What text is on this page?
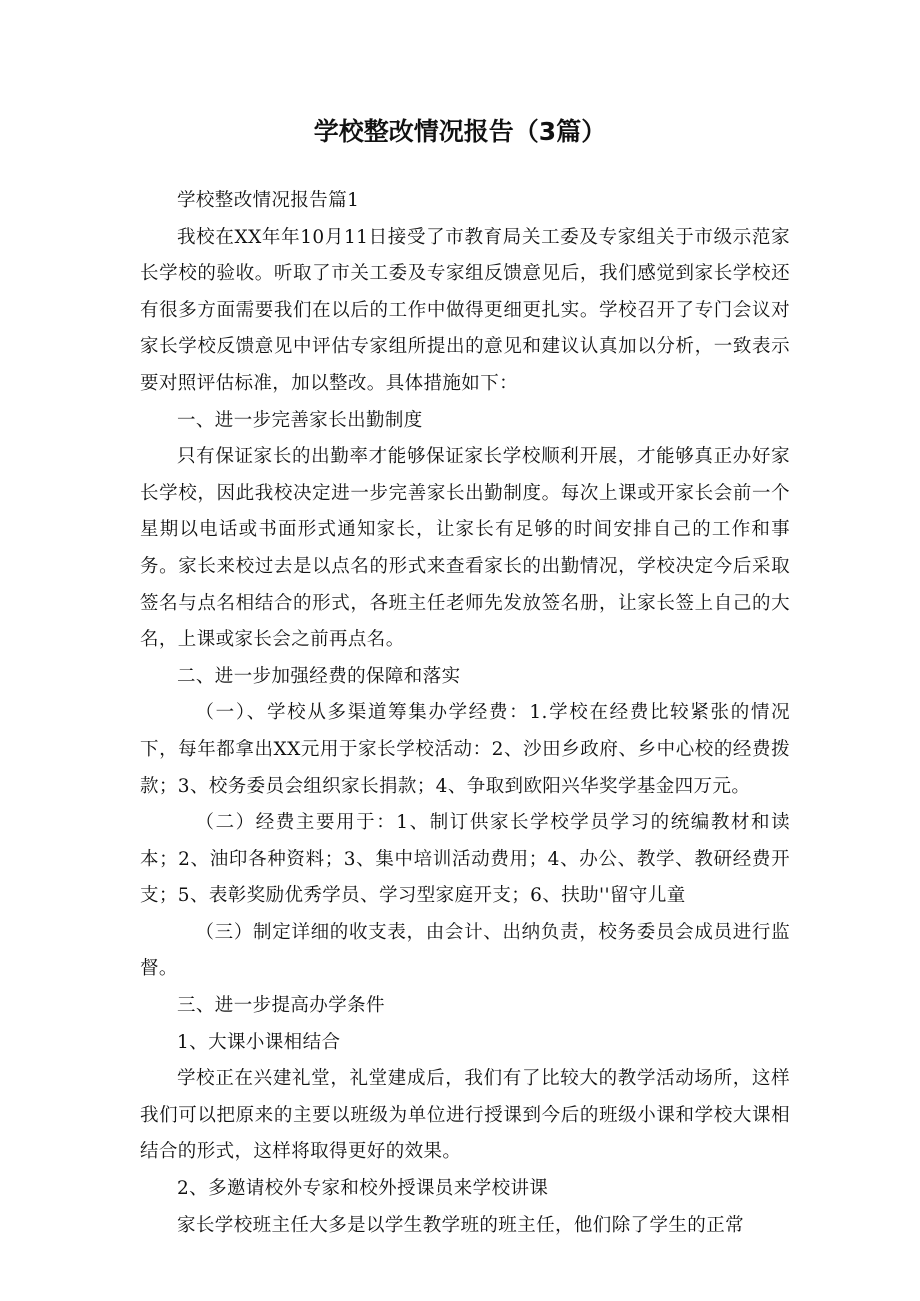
学校整改情况报告（3篇）

学校整改情况报告篇1

我校在XX年年10月11日接受了市教育局关工委及专家组关于市级示范家长学校的验收。听取了市关工委及专家组反馈意见后，我们感觉到家长学校还有很多方面需要我们在以后的工作中做得更细更扎实。学校召开了专门会议对家长学校反馈意见中评估专家组所提出的意见和建议认真加以分析，一致表示要对照评估标准，加以整改。具体措施如下：

一、进一步完善家长出勤制度

只有保证家长的出勤率才能够保证家长学校顺利开展，才能够真正办好家长学校，因此我校决定进一步完善家长出勤制度。每次上课或开家长会前一个星期以电话或书面形式通知家长，让家长有足够的时间安排自己的工作和事务。家长来校过去是以点名的形式来查看家长的出勤情况，学校决定今后采取签名与点名相结合的形式，各班主任老师先发放签名册，让家长签上自己的大名，上课或家长会之前再点名。

二、进一步加强经费的保障和落实

（一）、学校从多渠道筹集办学经费：1.学校在经费比较紧张的情况下，每年都拿出XX元用于家长学校活动：2、沙田乡政府、乡中心校的经费拨款；3、校务委员会组织家长捐款；4、争取到欧阳兴华奖学基金四万元。

（二）经费主要用于：1、制订供家长学校学员学习的统编教材和读本；2、油印各种资料；3、集中培训活动费用；4、办公、教学、教研经费开支；5、表彰奖励优秀学员、学习型家庭开支；6、扶助''留守儿童

（三）制定详细的收支表，由会计、出纳负责，校务委员会成员进行监督。

三、进一步提高办学条件

1、大课小课相结合

学校正在兴建礼堂，礼堂建成后，我们有了比较大的教学活动场所，这样我们可以把原来的主要以班级为单位进行授课到今后的班级小课和学校大课相结合的形式，这样将取得更好的效果。

2、多邀请校外专家和校外授课员来学校讲课

家长学校班主任大多是以学生教学班的班主任，他们除了学生的正常
